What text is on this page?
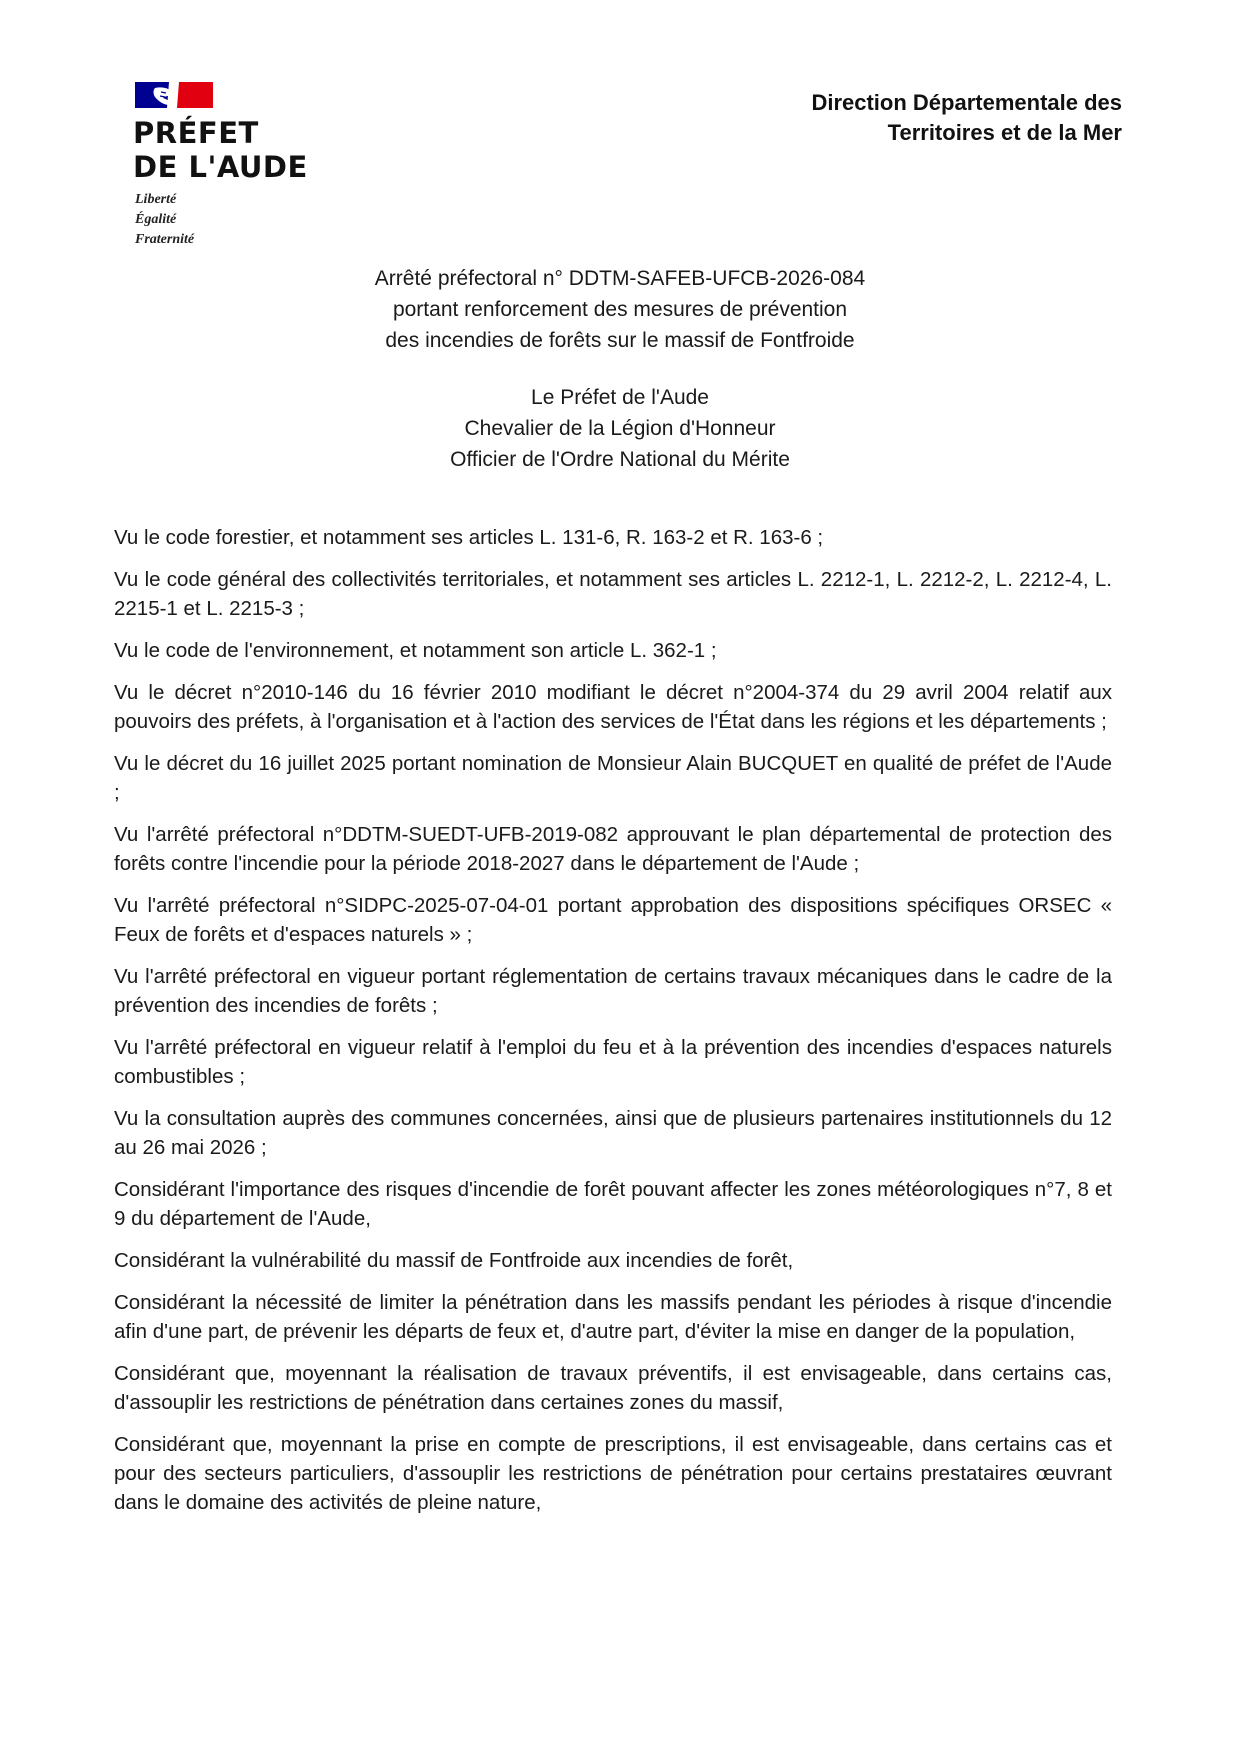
PRÉFET
DE L'AUDE
Liberté
Égalité
Fraternité
Direction Départementale des
Territoires et de la Mer
Arrêté préfectoral n° DDTM-SAFEB-UFCB-2026-084
portant renforcement des mesures de prévention
des incendies de forêts sur le massif de Fontfroide
Le Préfet de l'Aude
Chevalier de la Légion d'Honneur
Officier de l'Ordre National du Mérite

Vu le code forestier, et notamment ses articles L. 131-6, R. 163-2 et R. 163-6 ;

Vu le code général des collectivités territoriales, et notamment ses articles L. 2212-1, L. 2212-2, L. 2212-4, L. 2215-1 et L. 2215-3 ;

Vu le code de l'environnement, et notamment son article L. 362-1 ;

Vu le décret n°2010-146 du 16 février 2010 modifiant le décret n°2004-374 du 29 avril 2004 relatif aux pouvoirs des préfets, à l'organisation et à l'action des services de l'État dans les régions et les départements ;

Vu le décret du 16 juillet 2025 portant nomination de Monsieur Alain BUCQUET en qualité de préfet de l'Aude ;

Vu l'arrêté préfectoral n°DDTM-SUEDT-UFB-2019-082 approuvant le plan départemental de protection des forêts contre l'incendie pour la période 2018-2027 dans le département de l'Aude ;

Vu l'arrêté préfectoral n°SIDPC-2025-07-04-01 portant approbation des dispositions spécifiques ORSEC « Feux de forêts et d'espaces naturels » ;

Vu l'arrêté préfectoral en vigueur portant réglementation de certains travaux mécaniques dans le cadre de la prévention des incendies de forêts ;

Vu l'arrêté préfectoral en vigueur relatif à l'emploi du feu et à la prévention des incendies d'espaces naturels combustibles ;

Vu la consultation auprès des communes concernées, ainsi que de plusieurs partenaires institutionnels du 12 au 26 mai 2026 ;

Considérant l'importance des risques d'incendie de forêt pouvant affecter les zones météorologiques n°7, 8 et 9 du département de l'Aude,

Considérant la vulnérabilité du massif de Fontfroide aux incendies de forêt,

Considérant la nécessité de limiter la pénétration dans les massifs pendant les périodes à risque d'incendie afin d'une part, de prévenir les départs de feux et, d'autre part, d'éviter la mise en danger de la population,

Considérant que, moyennant la réalisation de travaux préventifs, il est envisageable, dans certains cas, d'assouplir les restrictions de pénétration dans certaines zones du massif,

Considérant que, moyennant la prise en compte de prescriptions, il est envisageable, dans certains cas et pour des secteurs particuliers, d'assouplir les restrictions de pénétration pour certains prestataires œuvrant dans le domaine des activités de pleine nature,
